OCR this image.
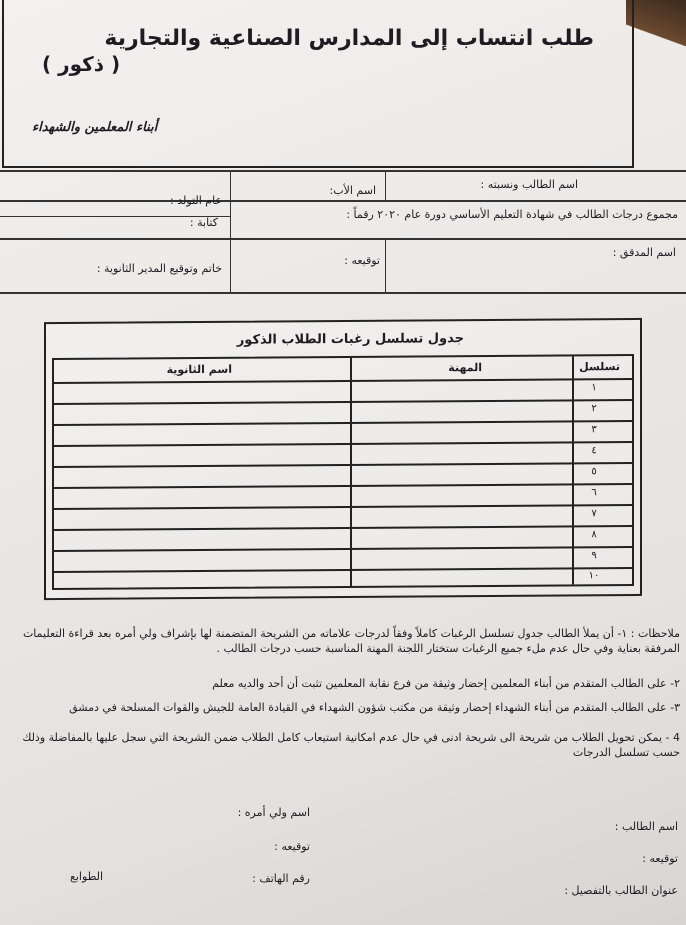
طلب انتساب إلى المدارس الصناعية والتجارية
( ذكور )
أبناء المعلمين والشهداء
اسم الطالب ونسبته :
اسم الأب:
عام التولد :
مجموع درجات الطالب في شهادة التعليم الأساسي دورة عام ٢٠٢٠ رقماً :
كتابة :
اسم المدقق :
توقيعه :
خاتم وتوقيع المدير الثانوية :
جدول تسلسل رغبات الطلاب الذكور
تسلسل
المهنة
اسم الثانوية
١
٢
٣
٤
٥
٦
٧
٨
٩
١٠
ملاحظات : ١- أن يملأ الطالب جدول تسلسل الرغبات كاملاً وفقاً لدرجات علاماته من الشريحة المتضمنة لها بإشراف ولي أمره بعد قراءة التعليمات المرفقة بعناية وفي حال عدم ملء جميع الرغبات ستختار اللجنة المهنة المناسبة حسب درجات الطالب .
٢- على الطالب المتقدم من أبناء المعلمين إحضار وثيقة من فرع نقابة المعلمين تثبت أن أحد والديه معلم
٣- على الطالب المتقدم من أبناء الشهداء إحضار وثيقة من مكتب شؤون الشهداء في القيادة العامة للجيش والقوات المسلحة في دمشق
4 - يمكن تحويل الطلاب من شريحة الى شريحة ادنى في حال عدم امكانية استيعاب كامل الطلاب ضمن الشريحة التي سجل عليها بالمفاضلة وذلك حسب تسلسل الدرجات
اسم ولي أمره :
توقيعه :
رقم الهاتف :
الطوابع
اسم الطالب :
توقيعه :
عنوان الطالب بالتفصيل :
